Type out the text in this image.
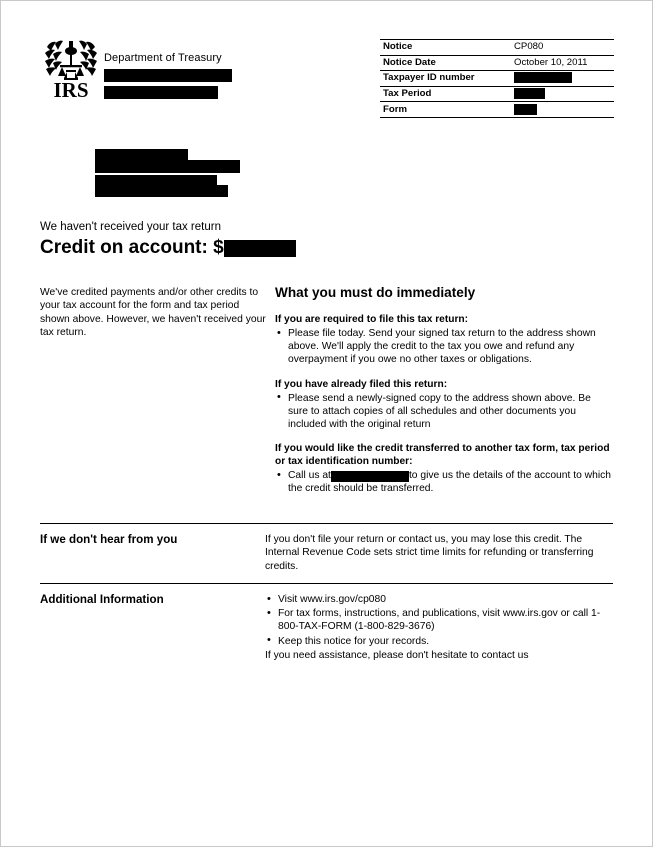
IRS
Department of Treasury

Notice	CP080
Notice Date	October 10, 2011
Taxpayer ID number	
Tax Period	
Form	
We haven't received your tax return
Credit on account: $
We've credited payments and/or other credits to your tax account for the form and tax period shown above. However, we haven't received your tax return.
What you must do immediately

If you are required to file this tax return:

• Please file today. Send your signed tax return to the address shown above. We'll apply the credit to the tax you owe and refund any overpayment if you owe no other taxes or obligations.

If you have already filed this return:

• Please send a newly-signed copy to the address shown above. Be sure to attach copies of all schedules and other documents you included with the original return

If you would like the credit transferred to another tax form, tax period or tax identification number:

• Call us at	to give us the details of the account to which the credit should be transferred.
If we don't hear from you	If you don't file your return or contact us, you may lose this credit. The Internal Revenue Code sets strict time limits for refunding or transferring credits.

Additional Information	• Visit www.irs.gov/cp080
• For tax forms, instructions, and publications, visit www.irs.gov or call 1-800-TAX-FORM (1-800-829-3676)
• Keep this notice for your records.

If you need assistance, please don't hesitate to contact us
